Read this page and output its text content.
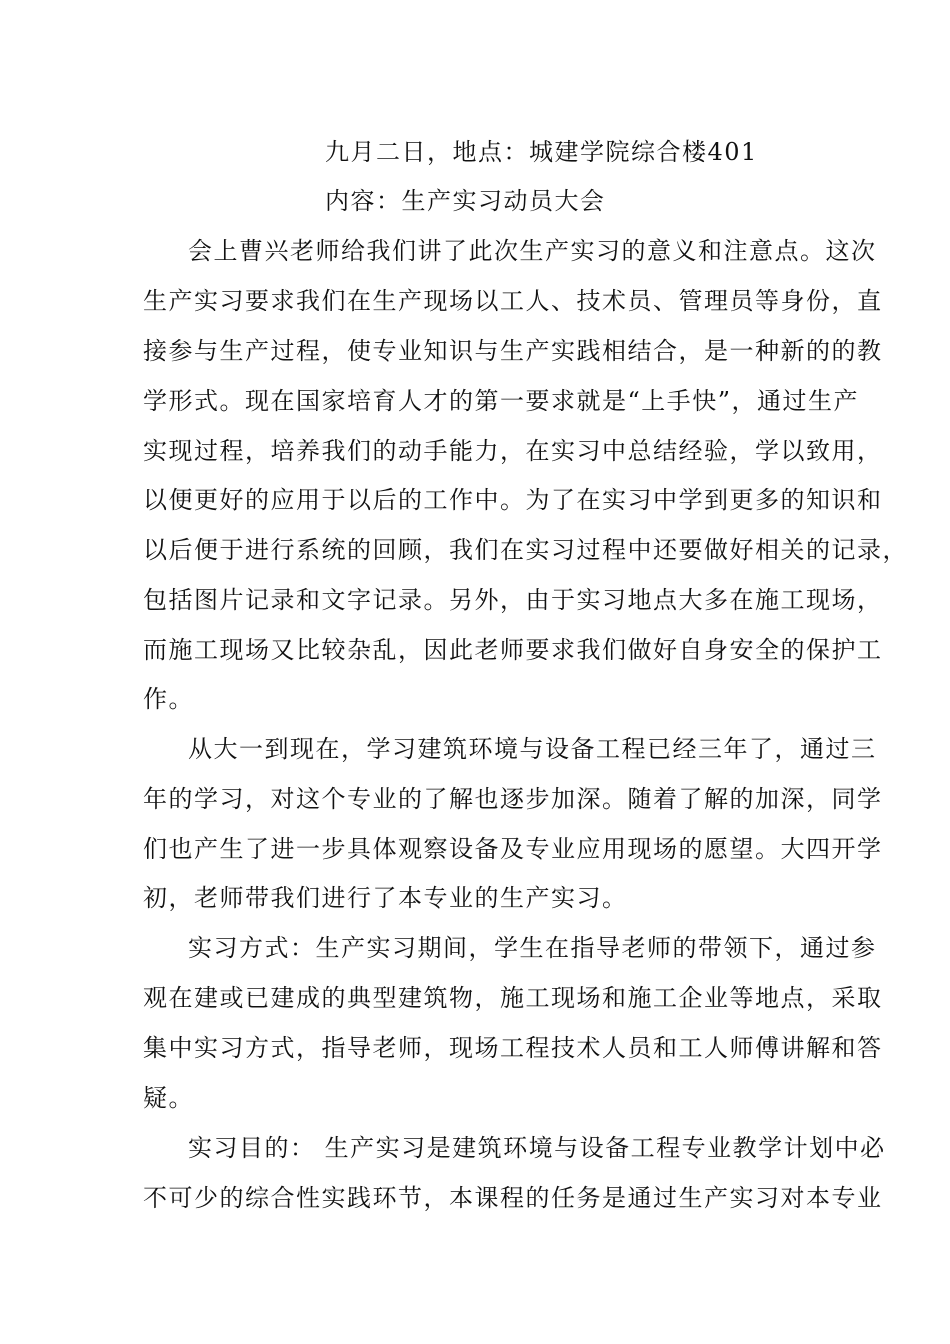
九月二日，地点：城建学院综合楼401
内容：生产实习动员大会
会上曹兴老师给我们讲了此次生产实习的意义和注意点。这次
生产实习要求我们在生产现场以工人、技术员、管理员等身份，直
接参与生产过程，使专业知识与生产实践相结合，是一种新的的教
学形式。现在国家培育人才的第一要求就是“上手快”，通过生产
实现过程，培养我们的动手能力，在实习中总结经验，学以致用，
以便更好的应用于以后的工作中。为了在实习中学到更多的知识和
以后便于进行系统的回顾，我们在实习过程中还要做好相关的记录，
包括图片记录和文字记录。另外，由于实习地点大多在施工现场，
而施工现场又比较杂乱，因此老师要求我们做好自身安全的保护工
作。
从大一到现在，学习建筑环境与设备工程已经三年了，通过三
年的学习，对这个专业的了解也逐步加深。随着了解的加深，同学
们也产生了进一步具体观察设备及专业应用现场的愿望。大四开学
初，老师带我们进行了本专业的生产实习。
实习方式：生产实习期间，学生在指导老师的带领下，通过参
观在建或已建成的典型建筑物，施工现场和施工企业等地点，采取
集中实习方式，指导老师，现场工程技术人员和工人师傅讲解和答
疑。
实习目的： 生产实习是建筑环境与设备工程专业教学计划中必
不可少的综合性实践环节，本课程的任务是通过生产实习对本专业
